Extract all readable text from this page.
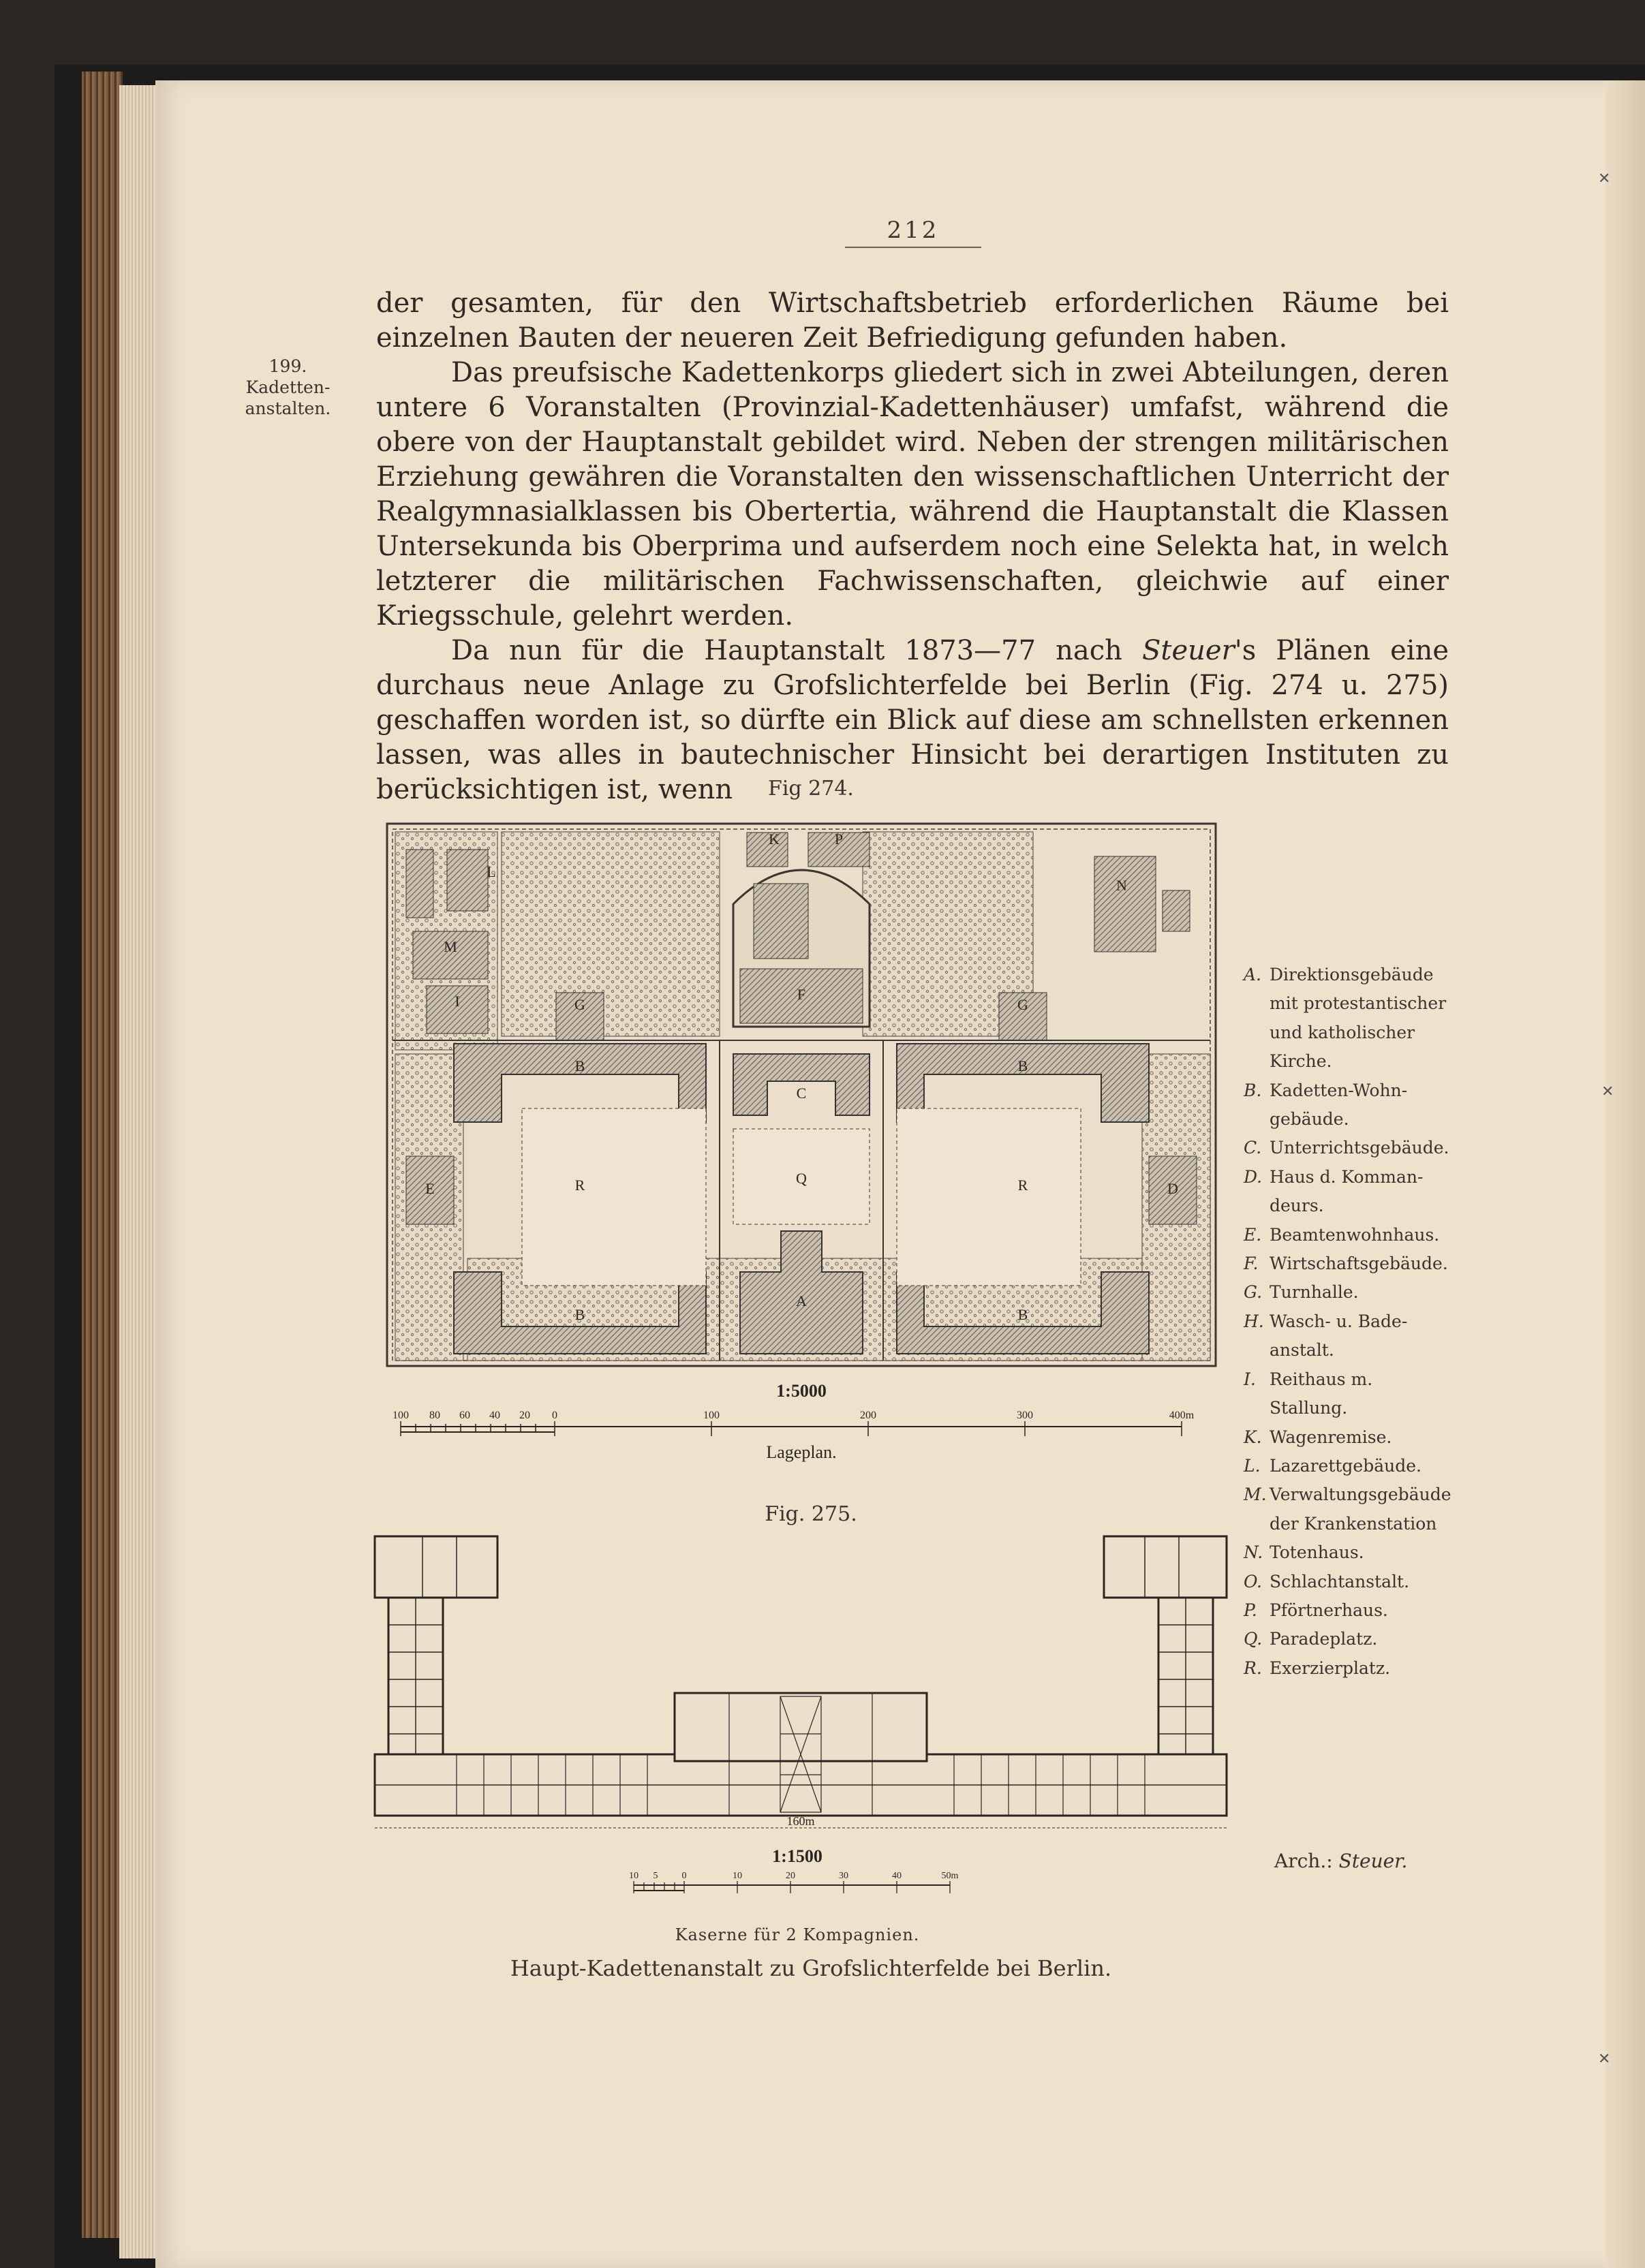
212
199.
Kadetten-
anstalten.

der gesamten, für den Wirtschaftsbetrieb erforderlichen Räume bei einzelnen Bauten der neueren Zeit Befriedigung gefunden haben.

Das preufsische Kadettenkorps gliedert sich in zwei Abteilungen, deren untere 6 Voranstalten (Provinzial-Kadettenhäuser) umfafst, während die obere von der Hauptanstalt gebildet wird. Neben der strengen militärischen Erziehung gewähren die Voranstalten den wissenschaftlichen Unterricht der Realgymnasialklassen bis Obertertia, während die Hauptanstalt die Klassen Untersekunda bis Oberprima und aufserdem noch eine Selekta hat, in welch letzterer die militärischen Fachwissenschaften, gleichwie auf einer Kriegsschule, gelehrt werden.

Da nun für die Hauptanstalt 1873—77 nach Steuer's Plänen eine durchaus neue Anlage zu Grofslichterfelde bei Berlin (Fig. 274 u. 275) geschaffen worden ist, so dürfte ein Blick auf diese am schnellsten erkennen lassen, was alles in bautechnischer Hinsicht bei derartigen Instituten zu berücksichtigen ist, wenn	Fig 274.
L
K	P
N
M
I	G
F
G
B
C
B
E	R	Q	R	D
B
A
B
1:5000
100 80 60 40 20 0	100	200	300	400m
Lageplan.
A. Direktionsgebäude
mit protestantischer
und katholischer
Kirche.
B. Kadetten-Wohn-
gebäude.
C. Unterrichtsgebäude.
D. Haus d. Komman-
deurs.
E. Beamtenwohnhaus.
F. Wirtschaftsgebäude.
G. Turnhalle.
H. Wasch- u. Bade-
anstalt.
I. Reithaus m. Stallung.
K. Wagenremise.
L. Lazarettgebäude.
M. Verwaltungsgebäude
der Krankenstation
N. Totenhaus.
O. Schlachtanstalt.
P. Pförtnerhaus.
Q. Paradeplatz.
R. Exerzierplatz.
Fig. 275.
160m
1:1500
10 5	0	10	20	30	40	50m
Kaserne für 2 Kompagnien.
Arch.: Steuer.
Haupt-Kadettenanstalt zu Grofslichterfelde bei Berlin.
✕
✕
✕
